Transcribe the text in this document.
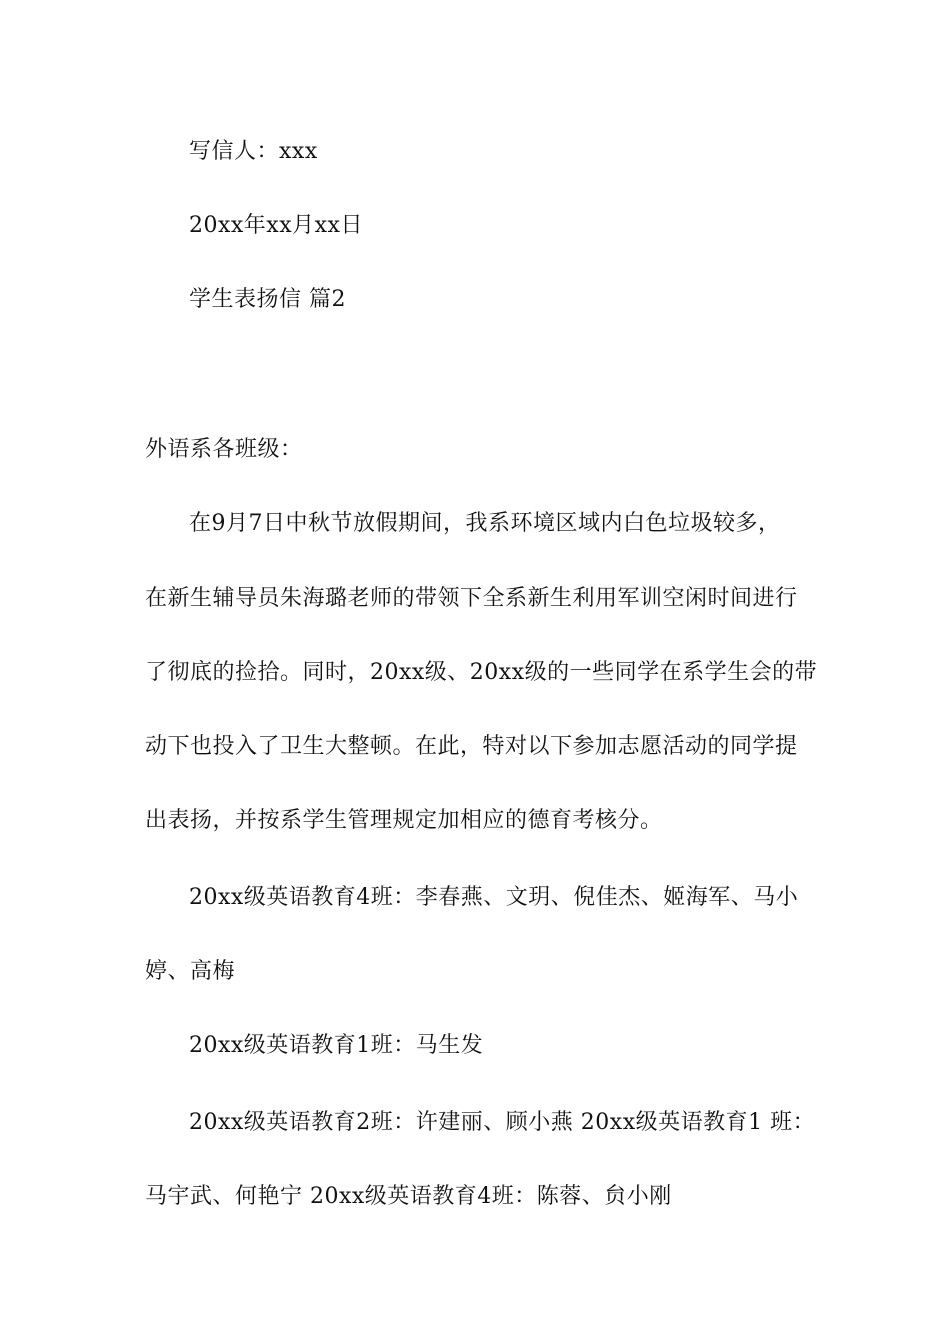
写信人：xxx
20xx年xx月xx日
学生表扬信 篇2
外语系各班级：
在9月7日中秋节放假期间，我系环境区域内白色垃圾较多，
在新生辅导员朱海璐老师的带领下全系新生利用军训空闲时间进行
了彻底的捡拾。同时，20xx级、20xx级的一些同学在系学生会的带
动下也投入了卫生大整顿。在此，特对以下参加志愿活动的同学提
出表扬，并按系学生管理规定加相应的德育考核分。
20xx级英语教育4班：李春燕、文玥、倪佳杰、姬海军、马小
婷、高梅
20xx级英语教育1班：马生发
20xx级英语教育2班：许建丽、顾小燕 20xx级英语教育1 班：
马宇武、何艳宁 20xx级英语教育4班：陈蓉、贠小刚
